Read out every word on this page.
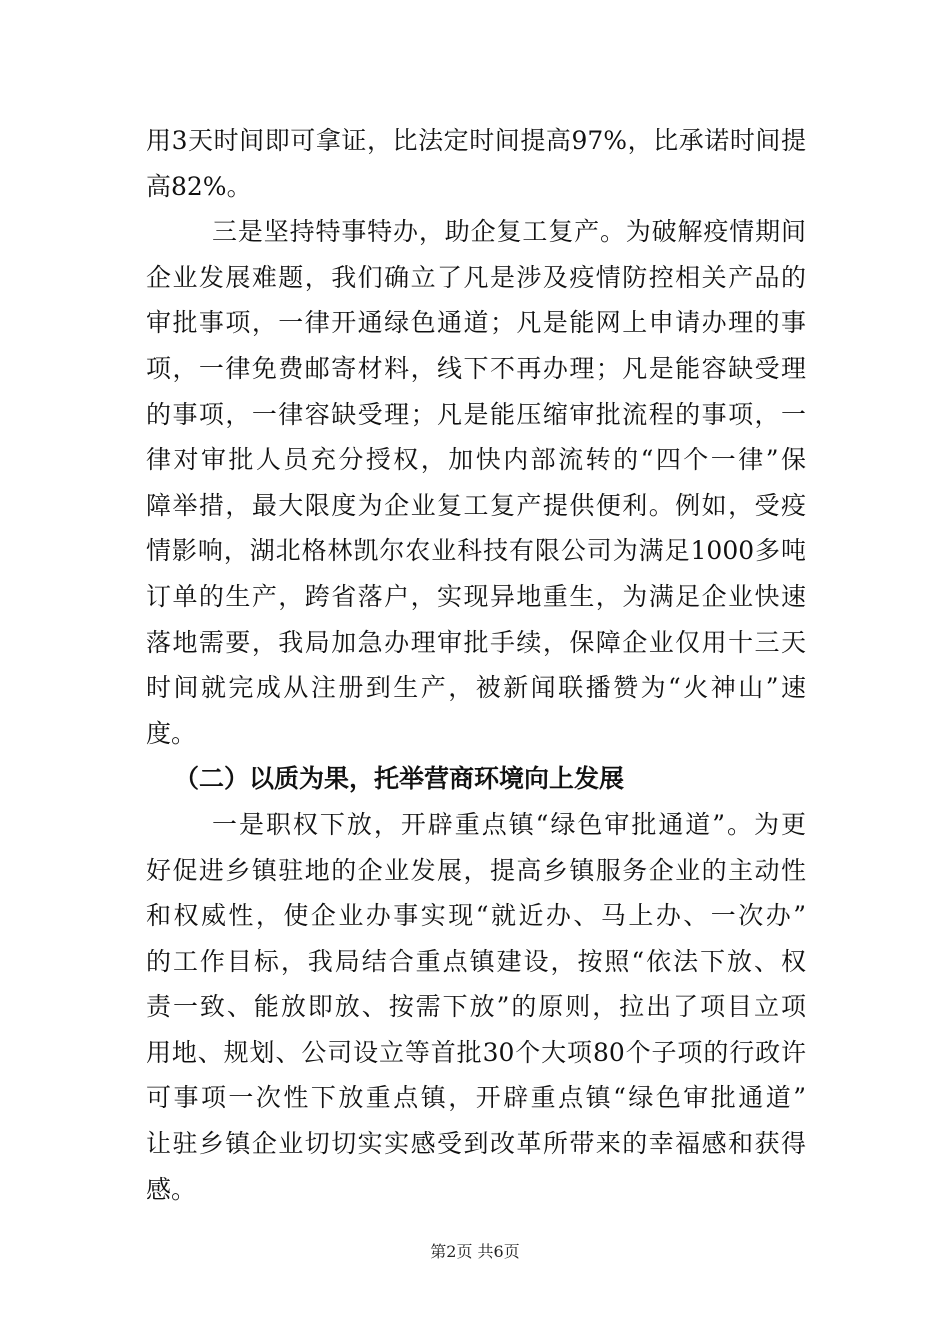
用3天时间即可拿证，比法定时间提高97%，比承诺时间提
高82%。
三是坚持特事特办，助企复工复产。为破解疫情期间
企业发展难题，我们确立了凡是涉及疫情防控相关产品的
审批事项，一律开通绿色通道；凡是能网上申请办理的事
项，一律免费邮寄材料，线下不再办理；凡是能容缺受理
的事项，一律容缺受理；凡是能压缩审批流程的事项，一
律对审批人员充分授权，加快内部流转的“四个一律”保
障举措，最大限度为企业复工复产提供便利。例如，受疫
情影响，湖北格林凯尔农业科技有限公司为满足1000多吨
订单的生产，跨省落户，实现异地重生，为满足企业快速
落地需要，我局加急办理审批手续，保障企业仅用十三天
时间就完成从注册到生产，被新闻联播赞为“火神山”速
度。
（二）以质为果，托举营商环境向上发展
一是职权下放，开辟重点镇“绿色审批通道”。为更
好促进乡镇驻地的企业发展，提高乡镇服务企业的主动性
和权威性，使企业办事实现“就近办、马上办、一次办”
的工作目标，我局结合重点镇建设，按照“依法下放、权
责一致、能放即放、按需下放”的原则，拉出了项目立项
用地、规划、公司设立等首批30个大项80个子项的行政许
可事项一次性下放重点镇，开辟重点镇“绿色审批通道”
让驻乡镇企业切切实实感受到改革所带来的幸福感和获得
感。
第2页 共6页
